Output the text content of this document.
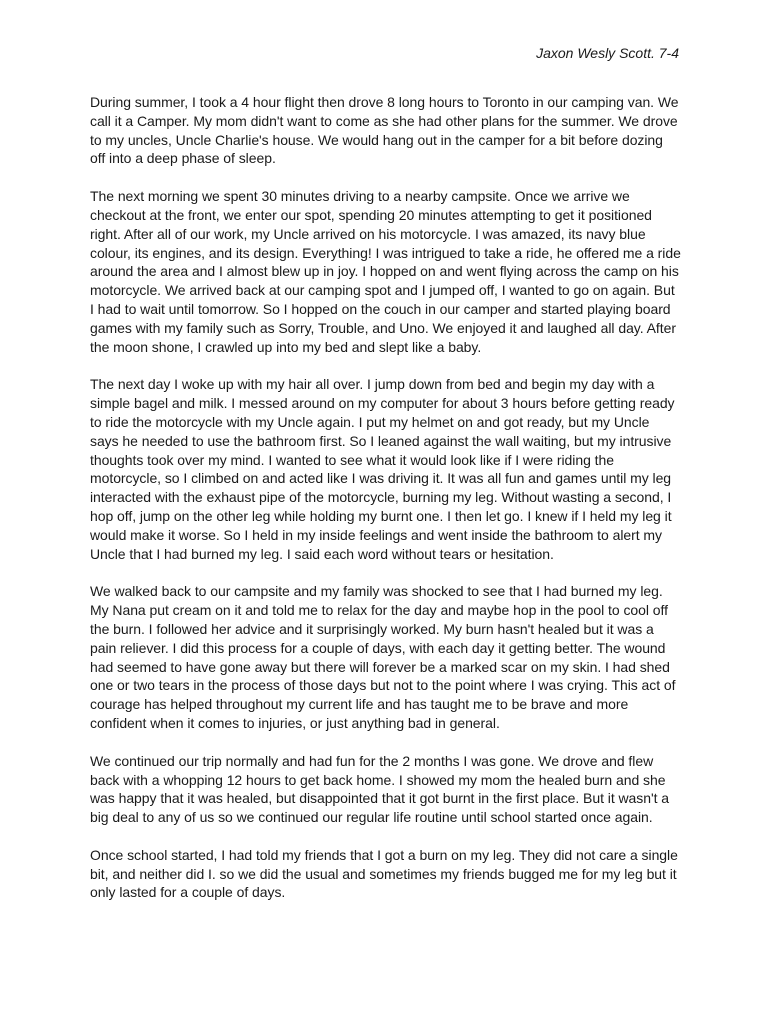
Jaxon Wesly Scott. 7-4

During summer, I took a 4 hour flight then drove 8 long hours to Toronto in our camping van. We
call it a Camper. My mom didn't want to come as she had other plans for the summer. We drove
to my uncles, Uncle Charlie's house. We would hang out in the camper for a bit before dozing
off into a deep phase of sleep.

The next morning we spent 30 minutes driving to a nearby campsite. Once we arrive we
checkout at the front, we enter our spot, spending 20 minutes attempting to get it positioned
right. After all of our work, my Uncle arrived on his motorcycle. I was amazed, its navy blue
colour, its engines, and its design. Everything! I was intrigued to take a ride, he offered me a ride
around the area and I almost blew up in joy. I hopped on and went flying across the camp on his
motorcycle. We arrived back at our camping spot and I jumped off, I wanted to go on again. But
I had to wait until tomorrow. So I hopped on the couch in our camper and started playing board
games with my family such as Sorry, Trouble, and Uno. We enjoyed it and laughed all day. After
the moon shone, I crawled up into my bed and slept like a baby.

The next day I woke up with my hair all over. I jump down from bed and begin my day with a
simple bagel and milk. I messed around on my computer for about 3 hours before getting ready
to ride the motorcycle with my Uncle again. I put my helmet on and got ready, but my Uncle
says he needed to use the bathroom first. So I leaned against the wall waiting, but my intrusive
thoughts took over my mind. I wanted to see what it would look like if I were riding the
motorcycle, so I climbed on and acted like I was driving it. It was all fun and games until my leg
interacted with the exhaust pipe of the motorcycle, burning my leg. Without wasting a second, I
hop off, jump on the other leg while holding my burnt one. I then let go. I knew if I held my leg it
would make it worse. So I held in my inside feelings and went inside the bathroom to alert my
Uncle that I had burned my leg. I said each word without tears or hesitation.

We walked back to our campsite and my family was shocked to see that I had burned my leg.
My Nana put cream on it and told me to relax for the day and maybe hop in the pool to cool off
the burn. I followed her advice and it surprisingly worked. My burn hasn't healed but it was a
pain reliever. I did this process for a couple of days, with each day it getting better. The wound
had seemed to have gone away but there will forever be a marked scar on my skin. I had shed
one or two tears in the process of those days but not to the point where I was crying. This act of
courage has helped throughout my current life and has taught me to be brave and more
confident when it comes to injuries, or just anything bad in general.

We continued our trip normally and had fun for the 2 months I was gone. We drove and flew
back with a whopping 12 hours to get back home. I showed my mom the healed burn and she
was happy that it was healed, but disappointed that it got burnt in the first place. But it wasn't a
big deal to any of us so we continued our regular life routine until school started once again.

Once school started, I had told my friends that I got a burn on my leg. They did not care a single
bit, and neither did I. so we did the usual and sometimes my friends bugged me for my leg but it
only lasted for a couple of days.
